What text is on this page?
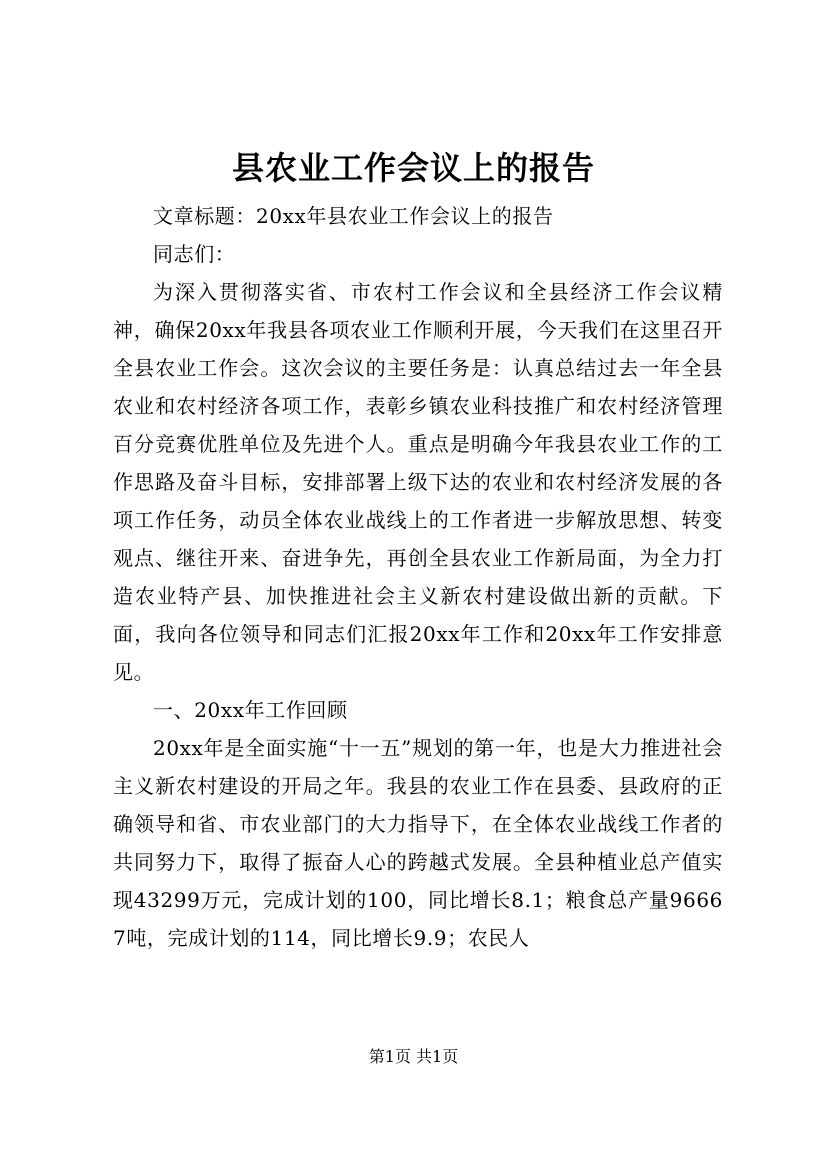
县农业工作会议上的报告

文章标题：20xx年县农业工作会议上的报告

同志们：

为深入贯彻落实省、市农村工作会议和全县经济工作会议精神，确保20xx年我县各项农业工作顺利开展，今天我们在这里召开全县农业工作会。这次会议的主要任务是：认真总结过去一年全县农业和农村经济各项工作，表彰乡镇农业科技推广和农村经济管理百分竞赛优胜单位及先进个人。重点是明确今年我县农业工作的工作思路及奋斗目标，安排部署上级下达的农业和农村经济发展的各项工作任务，动员全体农业战线上的工作者进一步解放思想、转变观点、继往开来、奋进争先，再创全县农业工作新局面，为全力打造农业特产县、加快推进社会主义新农村建设做出新的贡献。下面，我向各位领导和同志们汇报20xx年工作和20xx年工作安排意见。

一、20xx年工作回顾

20xx年是全面实施“十一五”规划的第一年，也是大力推进社会主义新农村建设的开局之年。我县的农业工作在县委、县政府的正确领导和省、市农业部门的大力指导下，在全体农业战线工作者的共同努力下，取得了振奋人心的跨越式发展。全县种植业总产值实现43299万元，完成计划的100，同比增长8.1；粮食总产量96667吨，完成计划的114，同比增长9.9；农民人

第1页 共1页
